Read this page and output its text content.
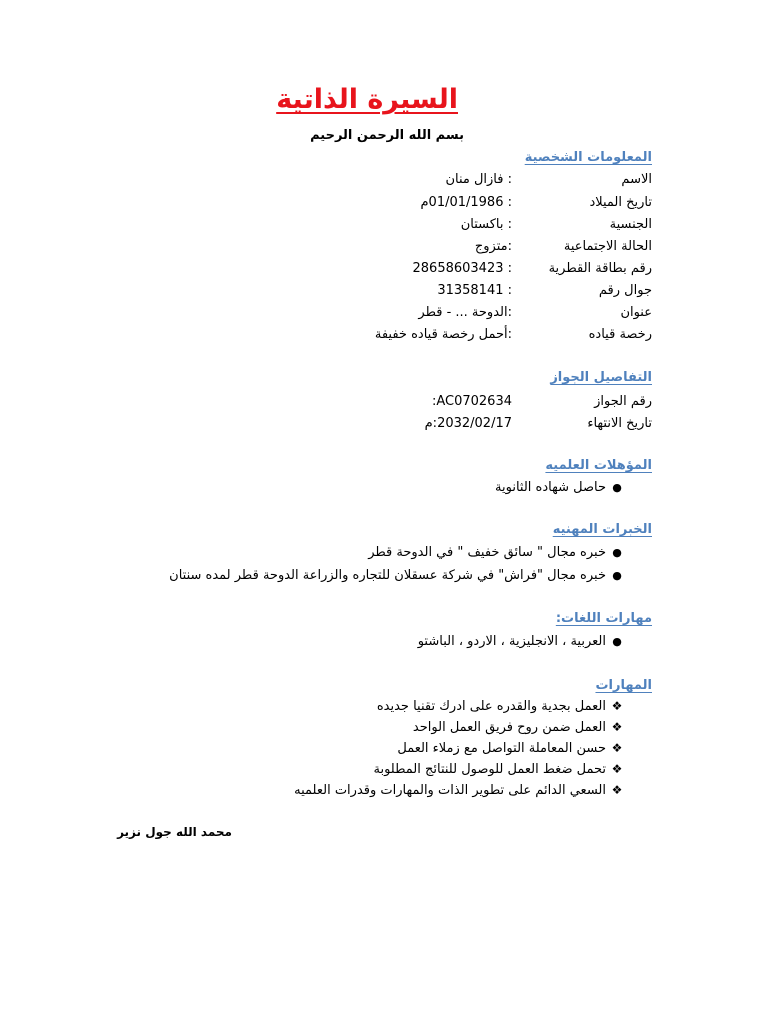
السيرة الذاتية
بسم الله الرحمن الرحيم
المعلومات الشخصية
الاسم
: فازال منان
تاريخ الميلاد
: 01/01/1986م
الجنسية
: باكستان
الحالة الاجتماعية
:متزوج
رقم بطاقة القطرية
: 28658603423
جوال رقم
: 31358141
عنوان
:الدوحة ... - قطر
رخصة قياده
:أحمل رخصة قياده خفيفة
التفاصيل الجواز
رقم الجواز
AC0702634:
تاريخ الانتهاء
2032/02/17:م
المؤهلات العلميه
●حاصل شهاده الثانوية
الخبرات المهنيه
●خبره مجال " سائق خفيف " في الدوحة قطر
●خبره مجال "فراش" في شركة عسقلان للتجاره والزراعة الدوحة قطر لمده سنتان
مهارات اللغات:
●العربية ، الانجليزية ، الاردو ، الباشتو
المهارات
❖العمل بجدية والقدره على ادرك تقنيا جديده
❖العمل ضمن روح فريق العمل الواحد
❖حسن المعاملة التواصل مع زملاء العمل
❖تحمل ضغط العمل للوصول للنتائج المطلوبة
❖السعي الدائم على تطوير الذات والمهارات وقدرات العلميه
محمد الله جول نزير
